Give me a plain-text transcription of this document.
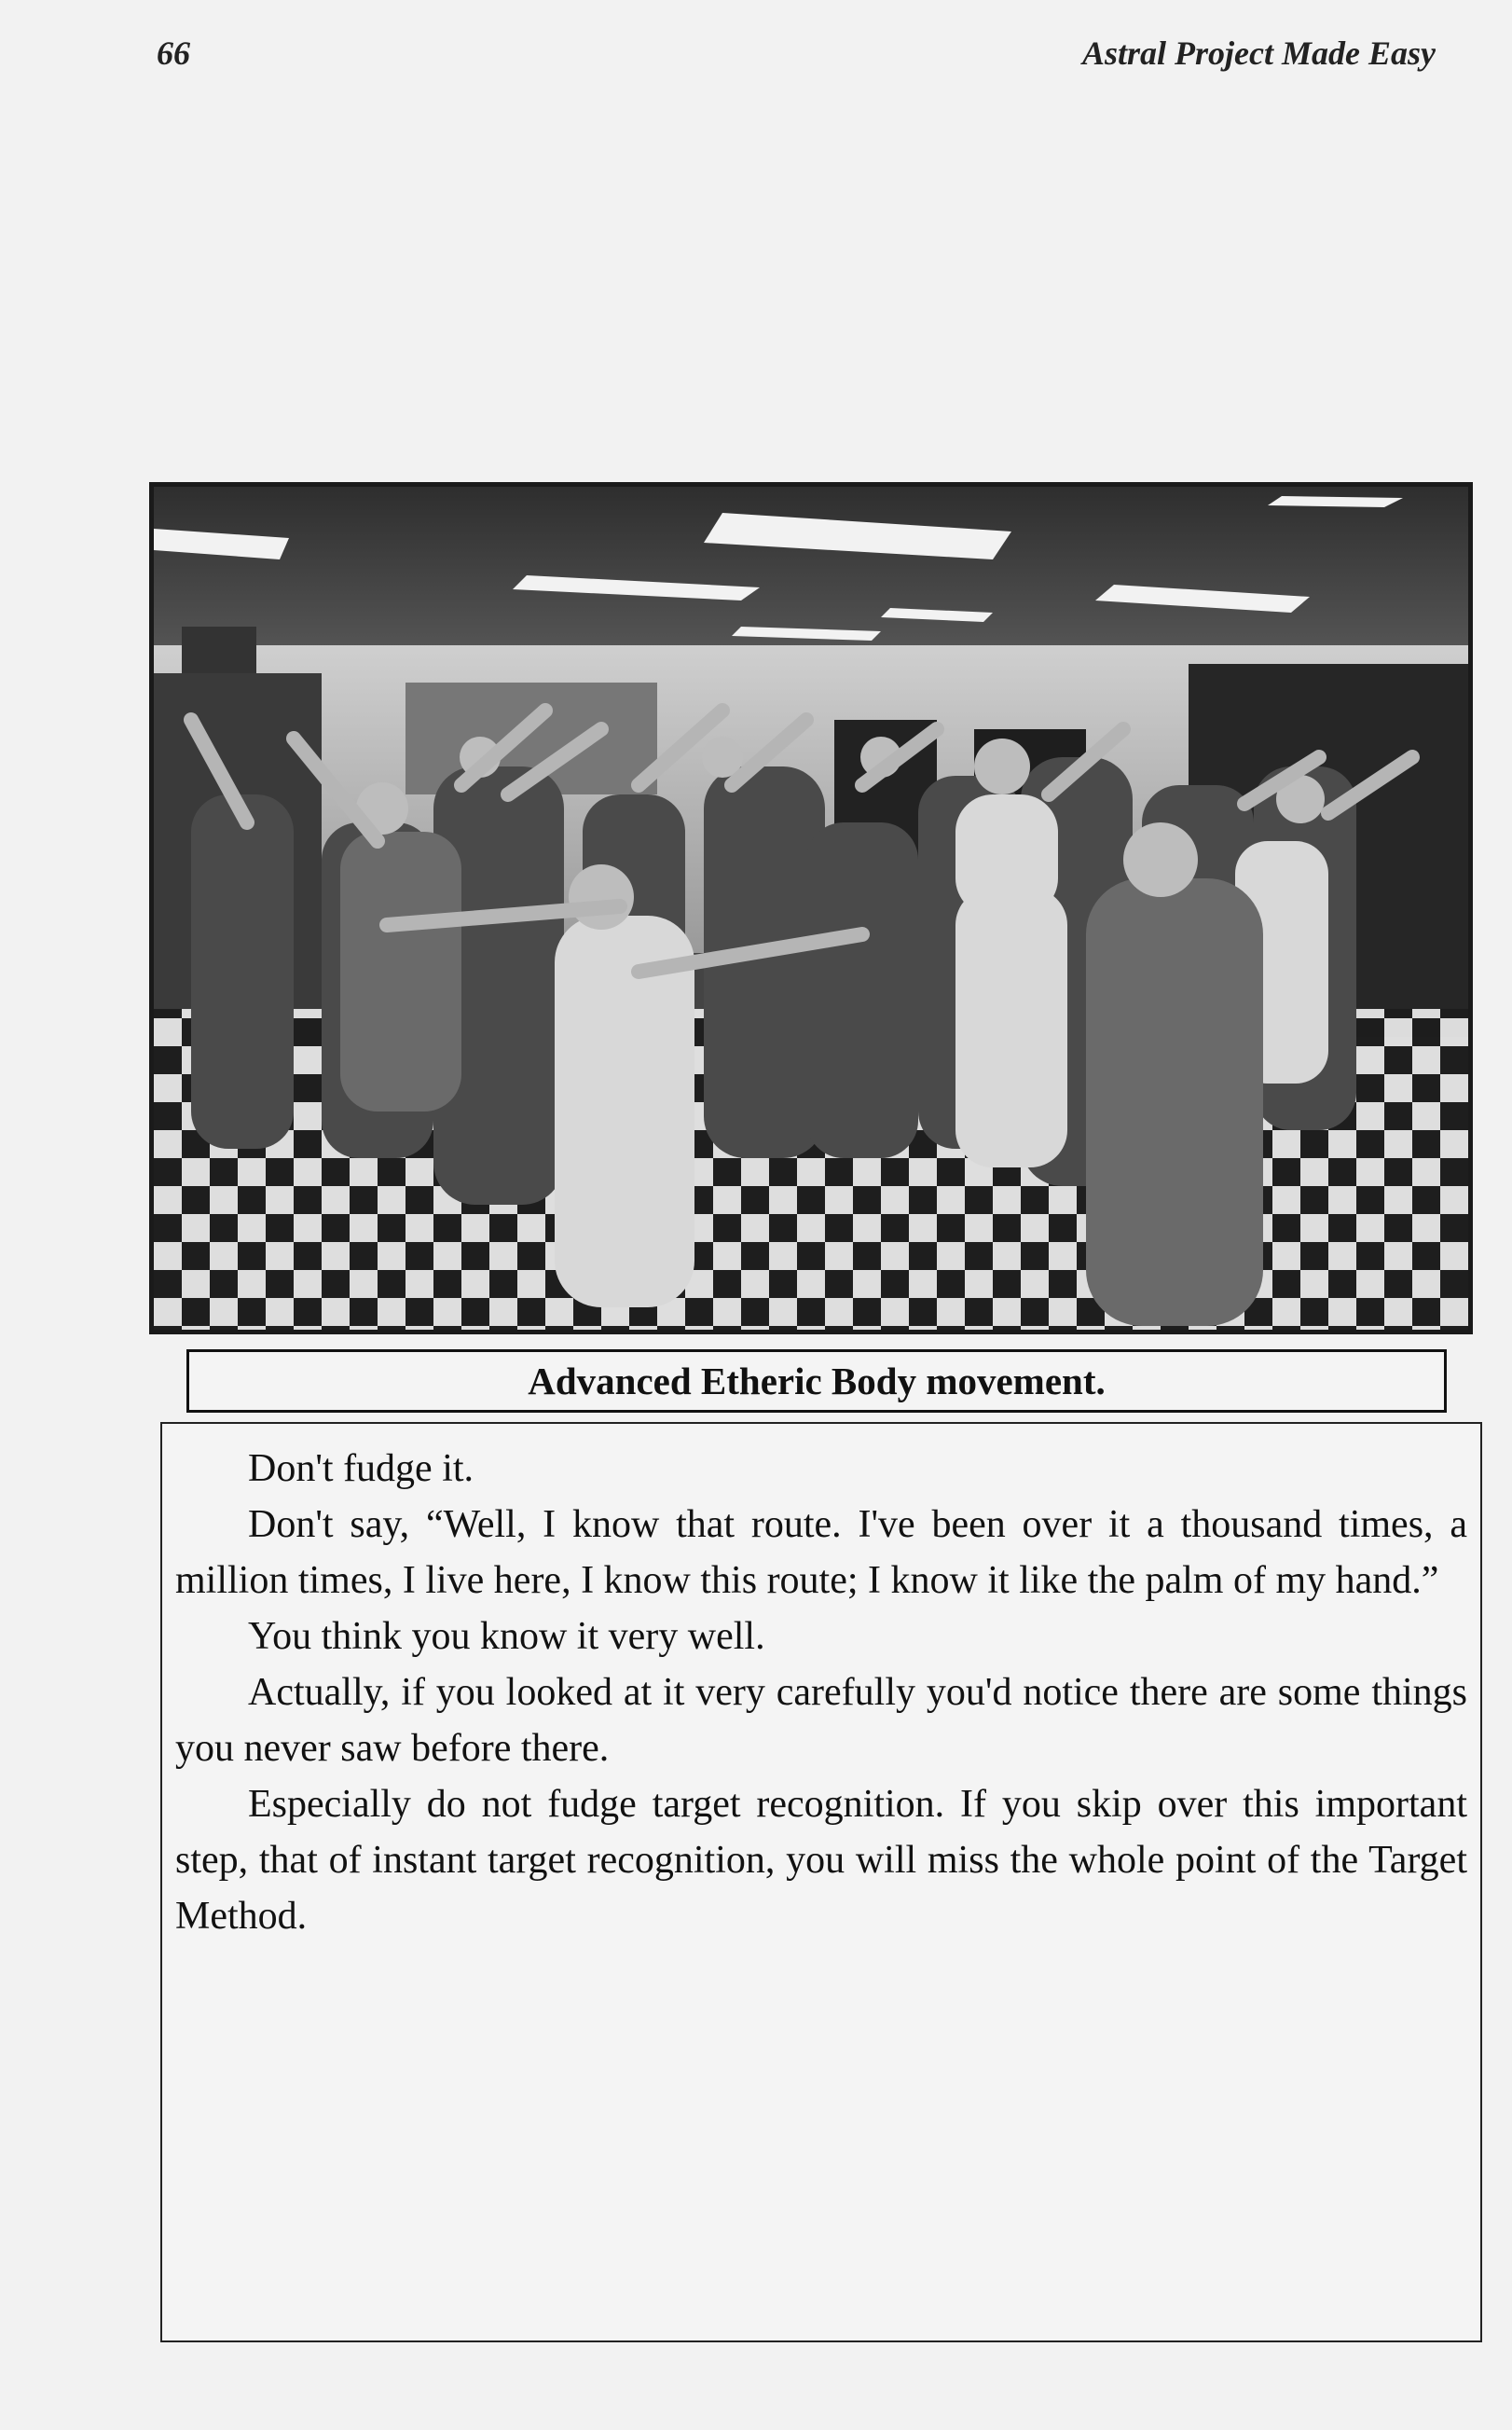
66	Astral Project Made Easy
Advanced Etheric Body movement.

Don't fudge it.

Don't say, “Well, I know that route. I've been over it a thousand times, a million times, I live here, I know this route; I know it like the palm of my hand.”

You think you know it very well.

Actually, if you looked at it very carefully you'd notice there are some things you never saw before there.

Especially do not fudge target recognition. If you skip over this important step, that of instant target recognition, you will miss the whole point of the Target Method.
